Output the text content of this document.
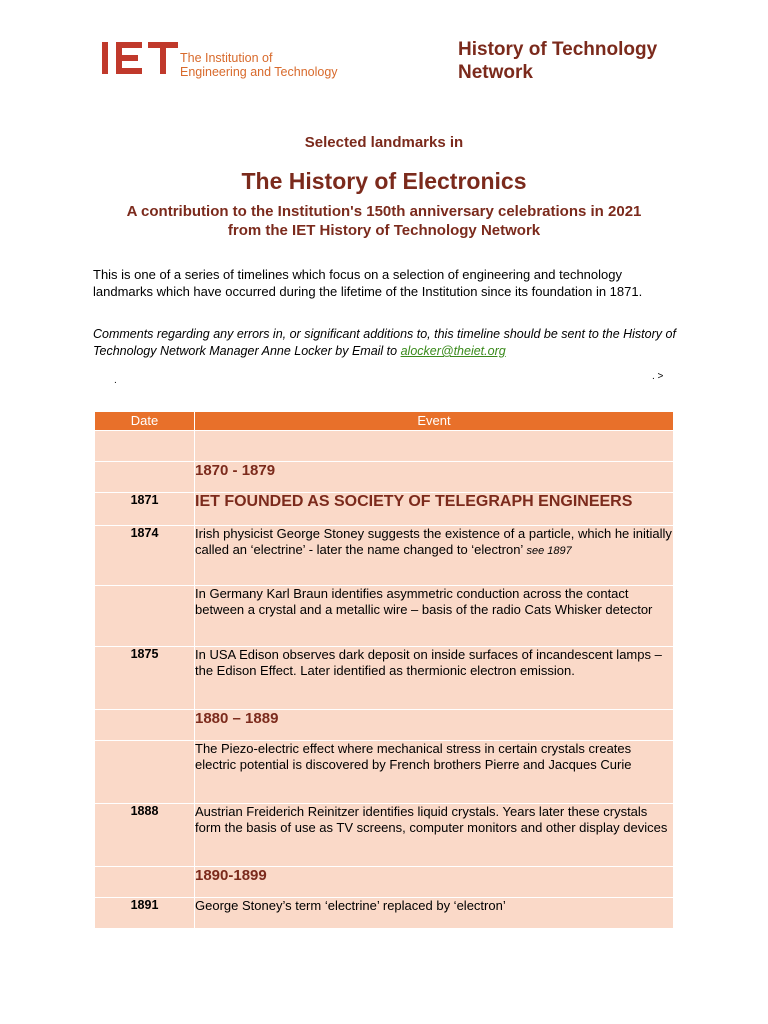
The Institution of
Engineering and Technology
History of Technology
Network
Selected landmarks in
The History of Electronics
A contribution to the Institution's 150th anniversary celebrations in 2021
from the IET History of Technology Network
This is one of a series of timelines which focus on a selection of engineering and technology landmarks which have occurred during the lifetime of the Institution since its foundation in 1871.
Comments regarding any errors in, or significant additions to, this timeline should be sent to the History of Technology Network Manager Anne Locker by Email to alocker@theiet.org
.	. ˃
Date	Event

	1870 - 1879
1871	IET FOUNDED AS SOCIETY OF TELEGRAPH ENGINEERS
1874	Irish physicist George Stoney suggests the existence of a particle, which he initially called an ‘electrine’ - later the name changed to ‘electron’ see 1897
	In Germany Karl Braun identifies asymmetric conduction across the contact between a crystal and a metallic wire – basis of the radio Cats Whisker detector
1875	In USA Edison observes dark deposit on inside surfaces of incandescent lamps – the Edison Effect. Later identified as thermionic electron emission.
	1880 – 1889
	The Piezo-electric effect where mechanical stress in certain crystals creates electric potential is discovered by French brothers Pierre and Jacques Curie
1888	Austrian Freiderich Reinitzer identifies liquid crystals. Years later these crystals form the basis of use as TV screens, computer monitors and other display devices
	1890-1899
1891	George Stoney’s term ‘electrine’ replaced by ‘electron’
